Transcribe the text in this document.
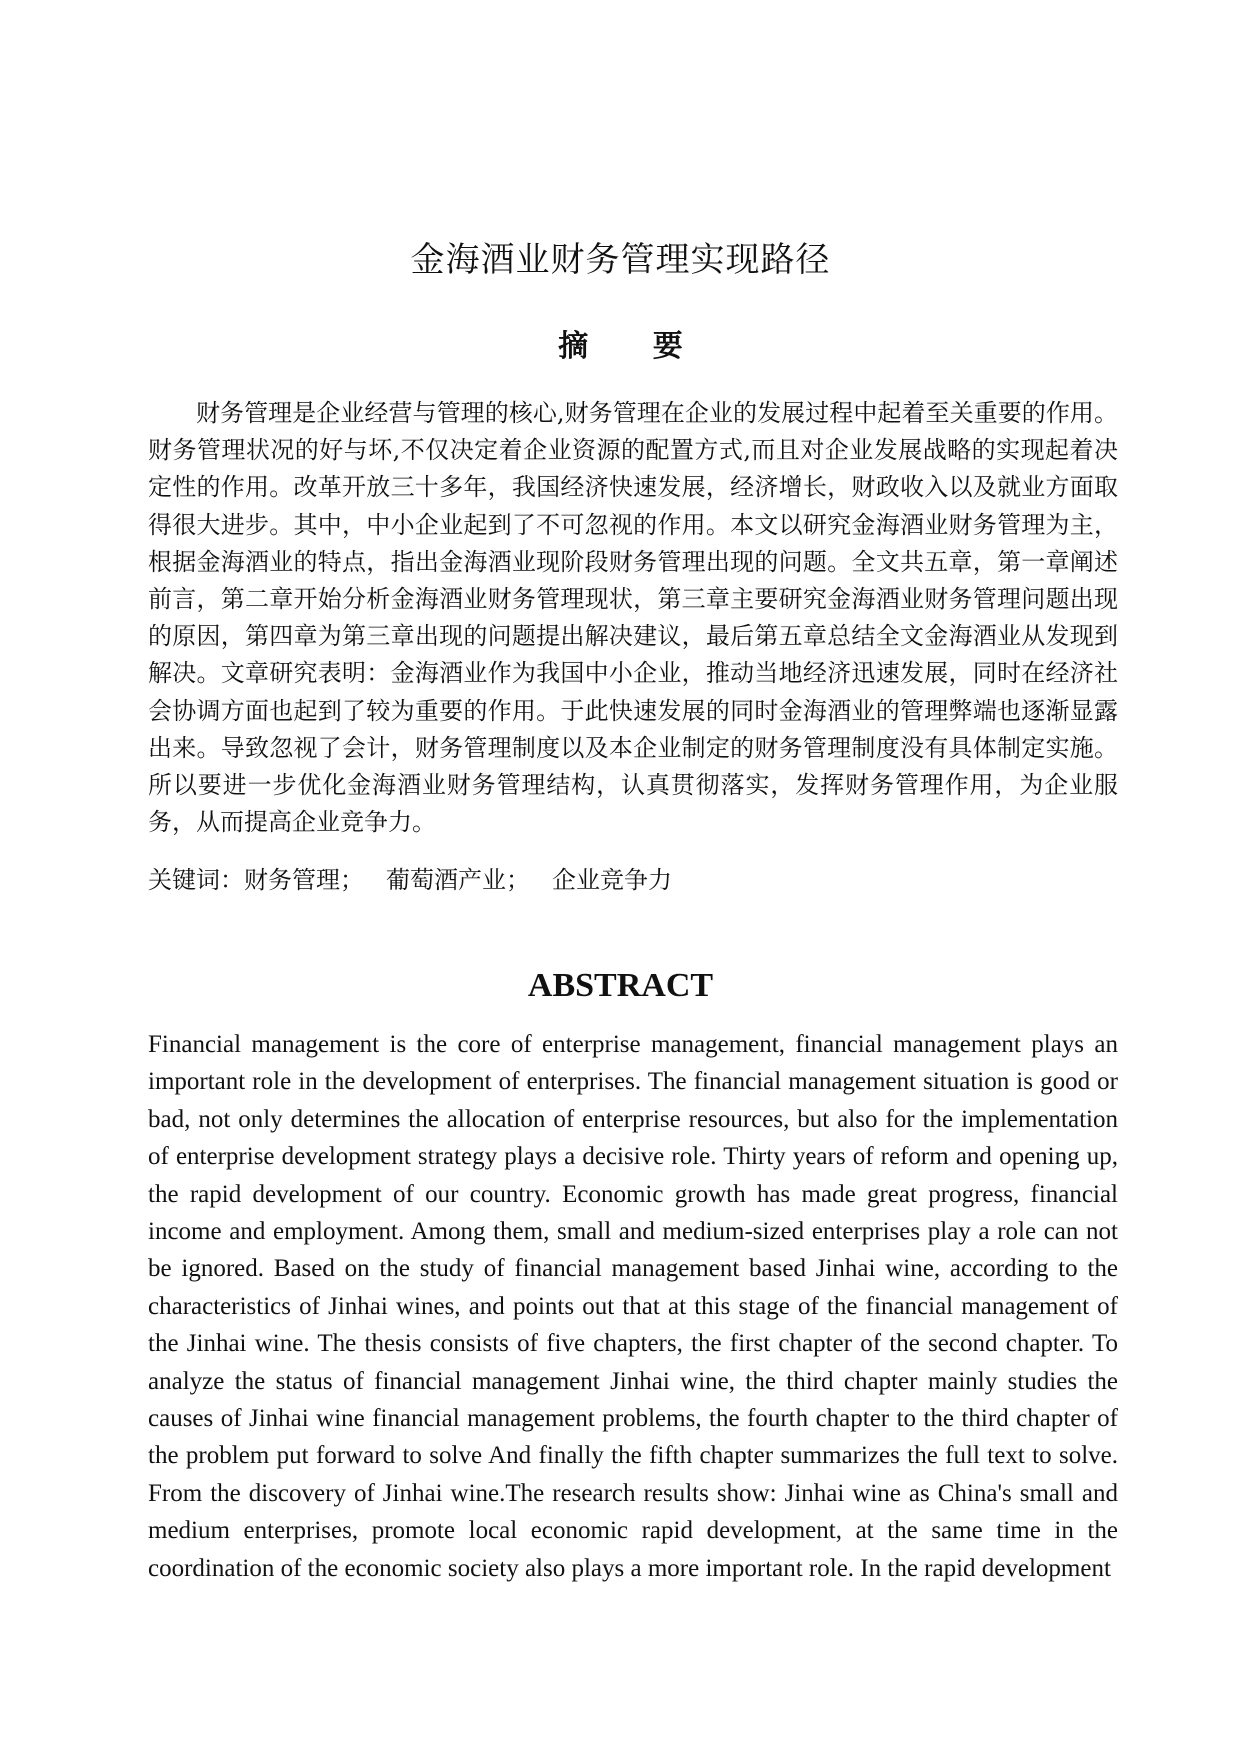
金海酒业财务管理实现路径
摘 要

财务管理是企业经营与管理的核心,财务管理在企业的发展过程中起着至关重要的作用。财务管理状况的好与坏,不仅决定着企业资源的配置方式,而且对企业发展战略的实现起着决定性的作用。改革开放三十多年，我国经济快速发展，经济增长，财政收入以及就业方面取得很大进步。其中，中小企业起到了不可忽视的作用。本文以研究金海酒业财务管理为主，根据金海酒业的特点，指出金海酒业现阶段财务管理出现的问题。全文共五章，第一章阐述前言，第二章开始分析金海酒业财务管理现状，第三章主要研究金海酒业财务管理问题出现的原因，第四章为第三章出现的问题提出解决建议，最后第五章总结全文金海酒业从发现到解决。文章研究表明：金海酒业作为我国中小企业，推动当地经济迅速发展，同时在经济社会协调方面也起到了较为重要的作用。于此快速发展的同时金海酒业的管理弊端也逐渐显露出来。导致忽视了会计，财务管理制度以及本企业制定的财务管理制度没有具体制定实施。所以要进一步优化金海酒业财务管理结构，认真贯彻落实，发挥财务管理作用，为企业服务，从而提高企业竞争力。

关键词：财务管理； 葡萄酒产业； 企业竞争力

ABSTRACT

Financial management is the core of enterprise management, financial management plays an important role in the development of enterprises. The financial management situation is good or bad, not only determines the allocation of enterprise resources, but also for the implementation of enterprise development strategy plays a decisive role. Thirty years of reform and opening up, the rapid development of our country. Economic growth has made great progress, financial income and employment. Among them, small and medium-sized enterprises play a role can not be ignored. Based on the study of financial management based Jinhai wine, according to the characteristics of Jinhai wines, and points out that at this stage of the financial management of the Jinhai wine. The thesis consists of five chapters, the first chapter of the second chapter. To analyze the status of financial management Jinhai wine, the third chapter mainly studies the causes of Jinhai wine financial management problems, the fourth chapter to the third chapter of the problem put forward to solve And finally the fifth chapter summarizes the full text to solve. From the discovery of Jinhai wine.The research results show: Jinhai wine as China's small and medium enterprises, promote local economic rapid development, at the same time in the coordination of the economic society also plays a more important role. In the rapid development
